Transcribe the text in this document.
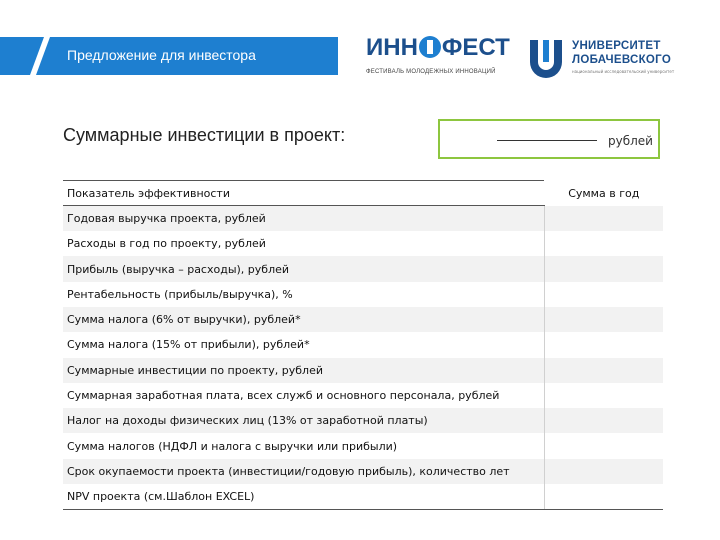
Предложение для инвестора	ИНН ФЕСТ
ФЕСТИВАЛЬ МОЛОДЕЖНЫХ ИННОВАЦИЙ
УНИВЕРСИТЕТ
ЛОБАЧЕВСКОГО
национальный исследовательский университет
Суммарные инвестиции в проект:	рублей
Показатель эффективности	Сумма в год
Годовая выручка проекта, рублей	
Расходы в год по проекту, рублей	
Прибыль (выручка – расходы), рублей	
Рентабельность (прибыль/выручка), %	
Сумма налога (6% от выручки), рублей*	
Сумма налога (15% от прибыли), рублей*	
Суммарные инвестиции по проекту, рублей	
Суммарная заработная плата, всех служб и основного персонала, рублей	
Налог на доходы физических лиц (13% от заработной платы)	
Сумма налогов (НДФЛ и налога с выручки или прибыли)	
Срок окупаемости проекта (инвестиции/годовую прибыль), количество лет	
NPV проекта (см.Шаблон EXCEL)	
